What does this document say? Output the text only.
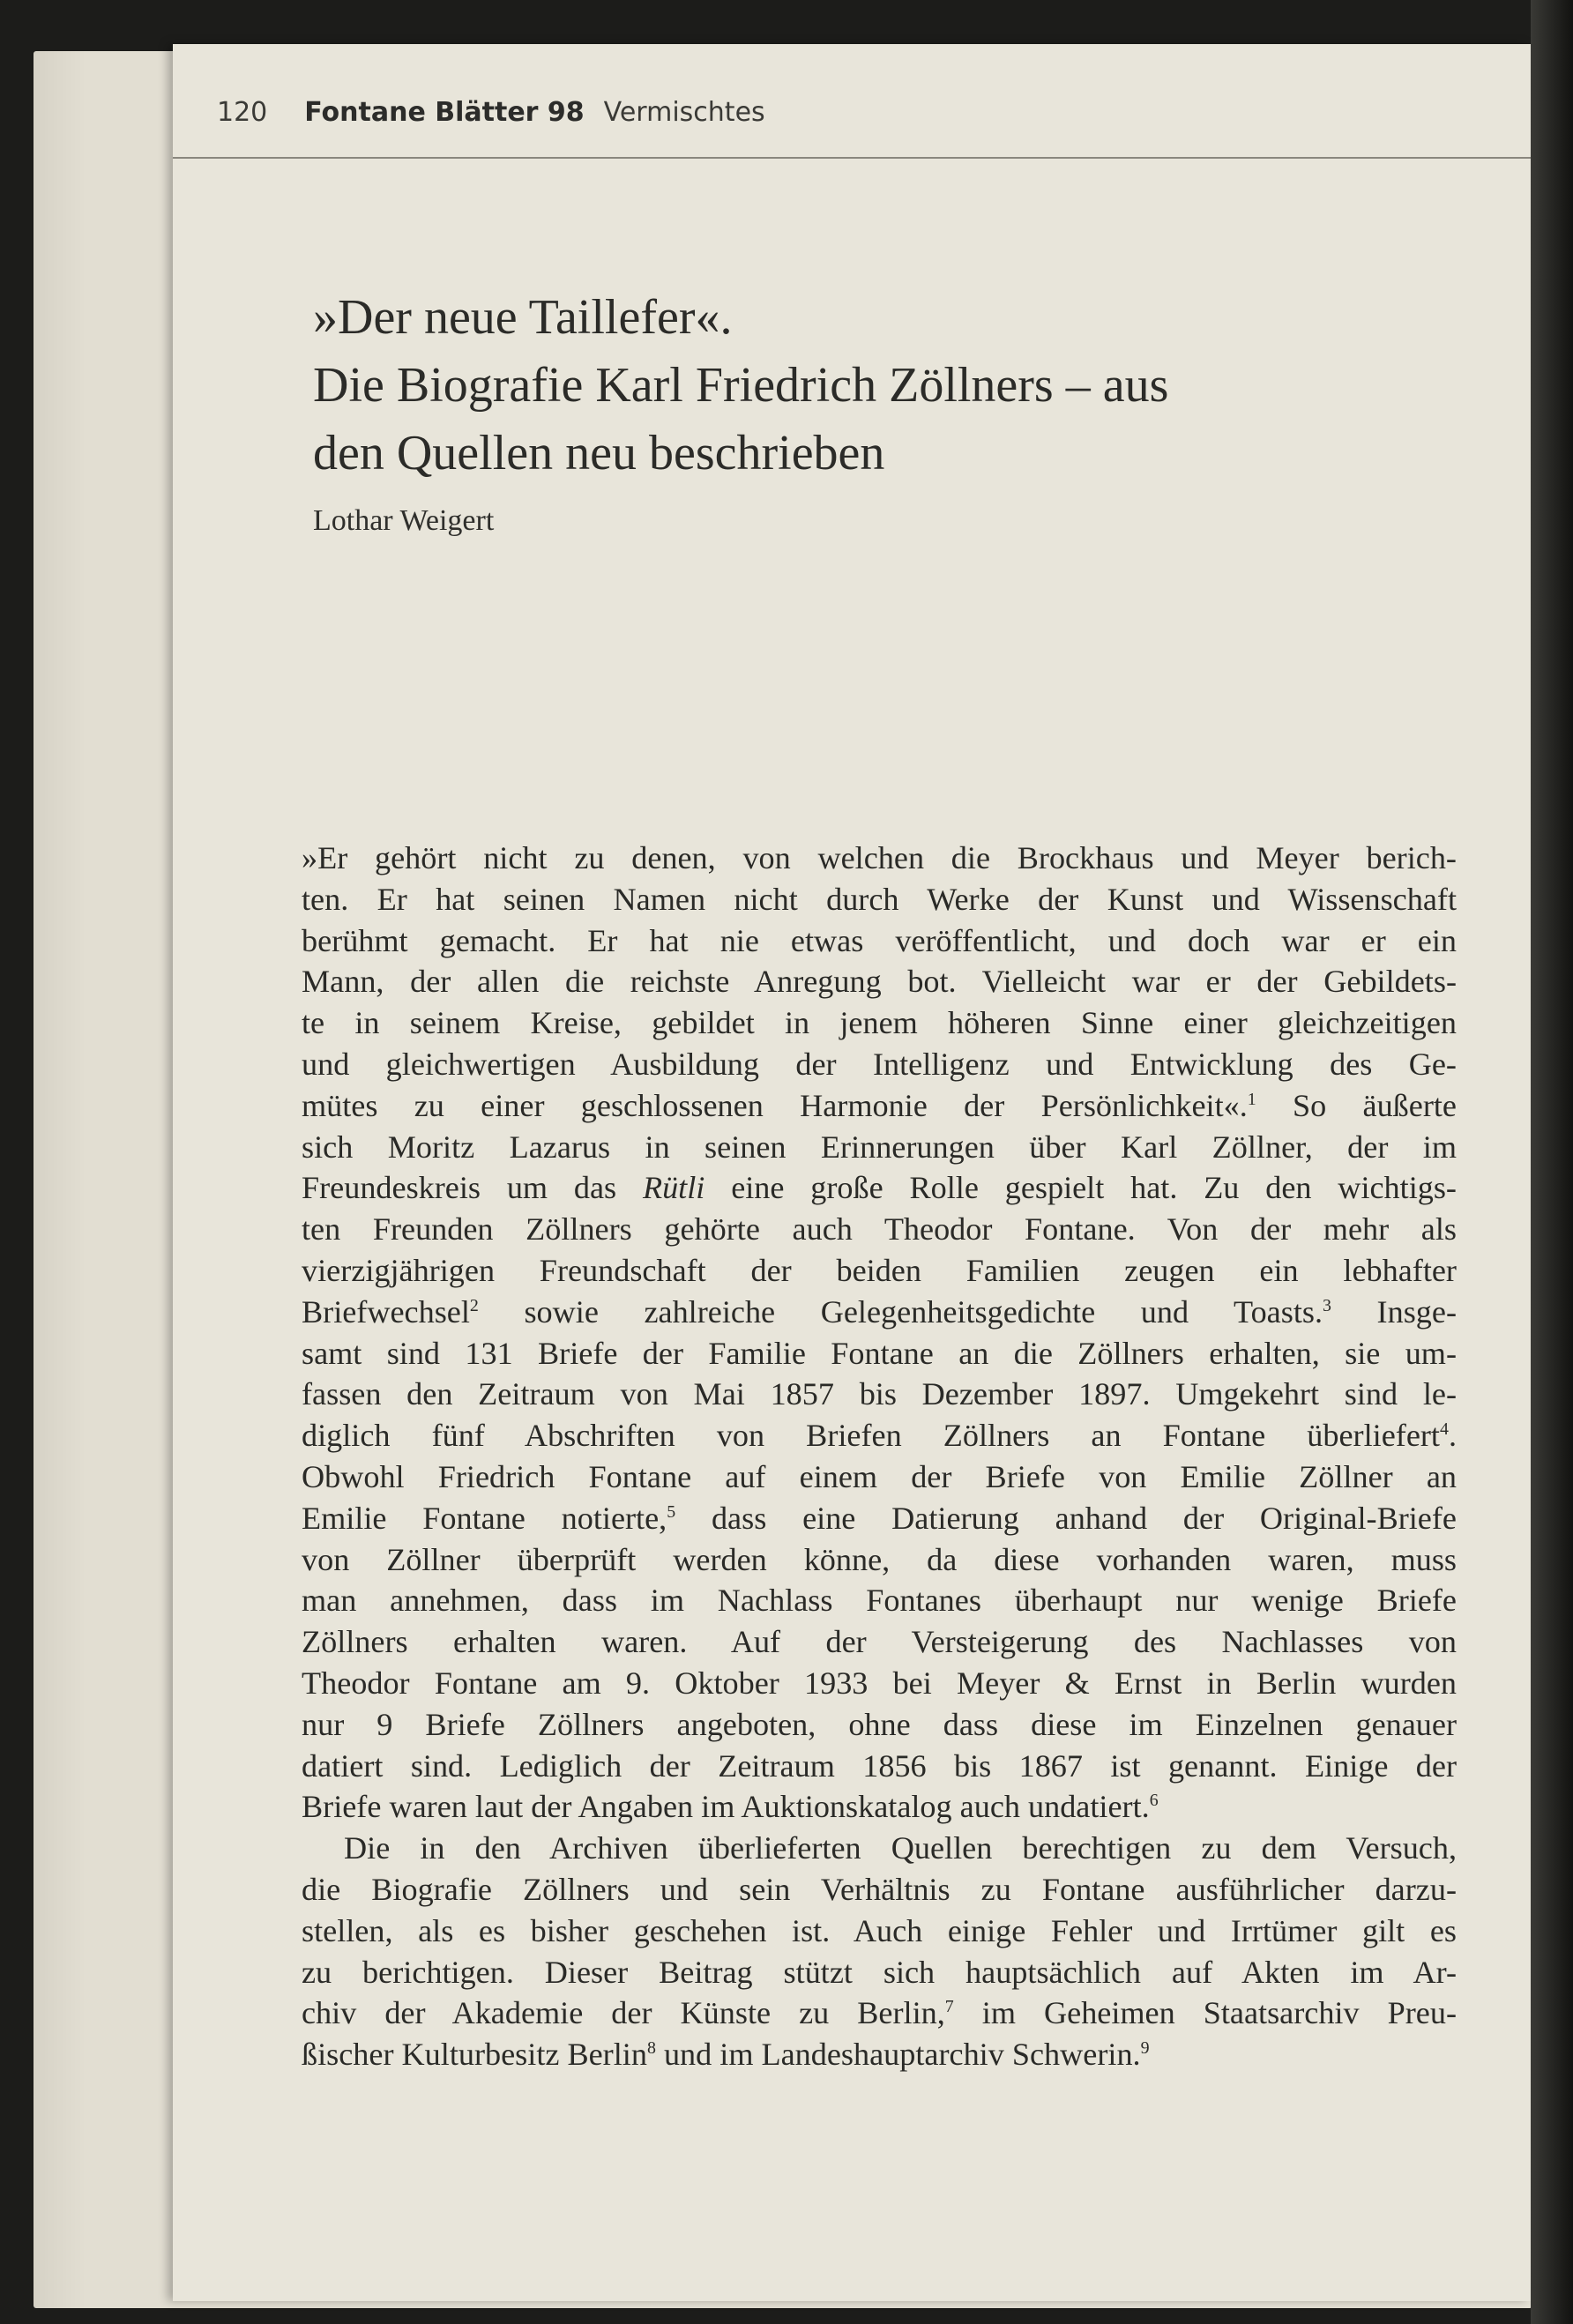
120 Fontane Blätter 98 Vermischtes
»Der neue Taillefer«.
Die Biografie Karl Friedrich Zöllners – aus
den Quellen neu beschrieben
Lothar Weigert
»Er gehört nicht zu denen, von welchen die Brockhaus und Meyer berich-
ten. Er hat seinen Namen nicht durch Werke der Kunst und Wissenschaft
berühmt gemacht. Er hat nie etwas veröffentlicht, und doch war er ein
Mann, der allen die reichste Anregung bot. Vielleicht war er der Gebildets-
te in seinem Kreise, gebildet in jenem höheren Sinne einer gleichzeitigen
und gleichwertigen Ausbildung der Intelligenz und Entwicklung des Ge-
mütes zu einer geschlossenen Harmonie der Persönlichkeit«.$^1$ So äußerte
sich Moritz Lazarus in seinen Erinnerungen über Karl Zöllner, der im
Freundeskreis um das Rütli eine große Rolle gespielt hat. Zu den wichtigs-
ten Freunden Zöllners gehörte auch Theodor Fontane. Von der mehr als
vierzigjährigen Freundschaft der beiden Familien zeugen ein lebhafter
Briefwechsel$^2$ sowie zahlreiche Gelegenheitsgedichte und Toasts.$^3$ Insge-
samt sind 131 Briefe der Familie Fontane an die Zöllners erhalten, sie um-
fassen den Zeitraum von Mai 1857 bis Dezember 1897. Umgekehrt sind le-
diglich fünf Abschriften von Briefen Zöllners an Fontane überliefert$^4$.
Obwohl Friedrich Fontane auf einem der Briefe von Emilie Zöllner an
Emilie Fontane notierte,$^5$ dass eine Datierung anhand der Original-Briefe
von Zöllner überprüft werden könne, da diese vorhanden waren, muss
man annehmen, dass im Nachlass Fontanes überhaupt nur wenige Briefe
Zöllners erhalten waren. Auf der Versteigerung des Nachlasses von
Theodor Fontane am 9. Oktober 1933 bei Meyer & Ernst in Berlin wurden
nur 9 Briefe Zöllners angeboten, ohne dass diese im Einzelnen genauer
datiert sind. Lediglich der Zeitraum 1856 bis 1867 ist genannt. Einige der
Briefe waren laut der Angaben im Auktionskatalog auch undatiert.$^6$
Die in den Archiven überlieferten Quellen berechtigen zu dem Versuch,
die Biografie Zöllners und sein Verhältnis zu Fontane ausführlicher darzu-
stellen, als es bisher geschehen ist. Auch einige Fehler und Irrtümer gilt es
zu berichtigen. Dieser Beitrag stützt sich hauptsächlich auf Akten im Ar-
chiv der Akademie der Künste zu Berlin,$^7$ im Geheimen Staatsarchiv Preu-
ßischer Kulturbesitz Berlin$^8$ und im Landeshauptarchiv Schwerin.$^9$
